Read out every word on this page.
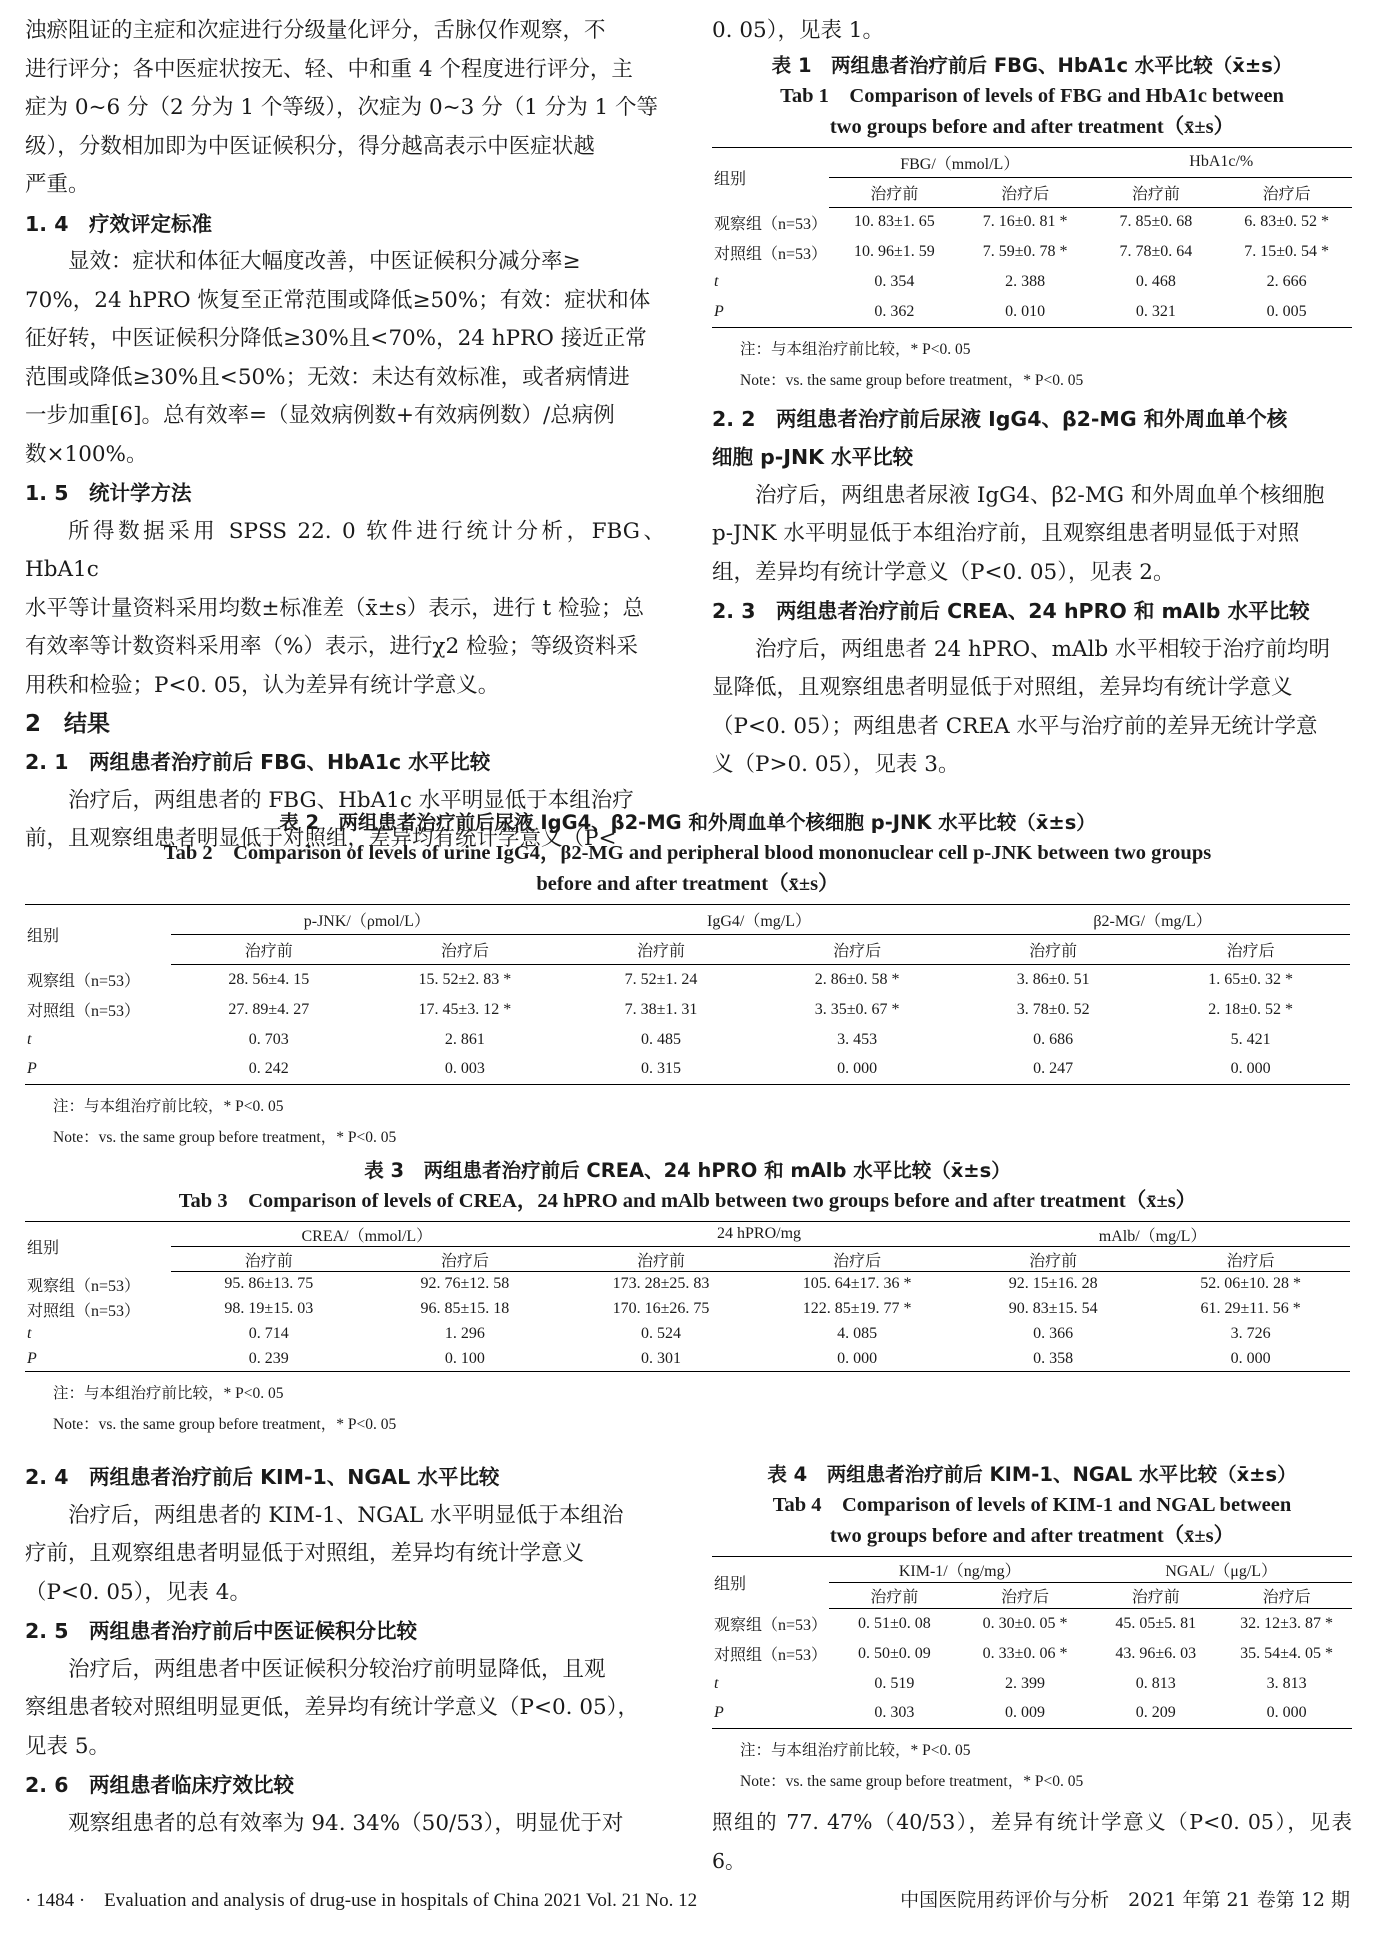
浊瘀阻证的主症和次症进行分级量化评分，舌脉仅作观察，不
进行评分；各中医症状按无、轻、中和重 4 个程度进行评分，主
症为 0~6 分（2 分为 1 个等级），次症为 0~3 分（1 分为 1 个等
级），分数相加即为中医证候积分，得分越高表示中医症状越
严重。
1. 4　疗效评定标准
显效：症状和体征大幅度改善，中医证候积分减分率≥
70%，24 hPRO 恢复至正常范围或降低≥50%；有效：症状和体
征好转，中医证候积分降低≥30%且<70%，24 hPRO 接近正常
范围或降低≥30%且<50%；无效：未达有效标准，或者病情进
一步加重[6]。总有效率=（显效病例数+有效病例数）/总病例
数×100%。
1. 5　统计学方法
所得数据采用 SPSS 22. 0 软件进行统计分析，FBG、HbA1c
水平等计量资料采用均数±标准差（x̄±s）表示，进行 t 检验；总
有效率等计数资料采用率（%）表示，进行χ2 检验；等级资料采
用秩和检验；P<0. 05，认为差异有统计学意义。
2　结果
2. 1　两组患者治疗前后 FBG、HbA1c 水平比较
治疗后，两组患者的 FBG、HbA1c 水平明显低于本组治疗
前，且观察组患者明显低于对照组，差异均有统计学意义（P<
0. 05），见表 1。
表 1　两组患者治疗前后 FBG、HbA1c 水平比较（x̄±s）
Tab 1　Comparison of levels of FBG and HbA1c between
two groups before and after treatment（x̄±s）
组别	FBG/（mmol/L）		HbA1c/%	
	治疗前	治疗后	治疗前	治疗后
观察组（n=53）	10. 83±1. 65	7. 16±0. 81 *	7. 85±0. 68	6. 83±0. 52 *
对照组（n=53）	10. 96±1. 59	7. 59±0. 78 *	7. 78±0. 64	7. 15±0. 54 *
t	0. 354	2. 388	0. 468	2. 666
P	0. 362	0. 010	0. 321	0. 005
注：与本组治疗前比较，* P<0. 05
Note：vs. the same group before treatment，* P<0. 05
2. 2　两组患者治疗前后尿液 IgG4、β2-MG 和外周血单个核
细胞 p-JNK 水平比较
治疗后，两组患者尿液 IgG4、β2-MG 和外周血单个核细胞
p-JNK 水平明显低于本组治疗前，且观察组患者明显低于对照
组，差异均有统计学意义（P<0. 05），见表 2。
2. 3　两组患者治疗前后 CREA、24 hPRO 和 mAlb 水平比较
治疗后，两组患者 24 hPRO、mAlb 水平相较于治疗前均明
显降低，且观察组患者明显低于对照组，差异均有统计学意义
（P<0. 05）；两组患者 CREA 水平与治疗前的差异无统计学意
义（P>0. 05），见表 3。
表 2　两组患者治疗前后尿液 IgG4、β2-MG 和外周血单个核细胞 p-JNK 水平比较（x̄±s）
Tab 2　Comparison of levels of urine IgG4，β2-MG and peripheral blood mononuclear cell p-JNK between two groups
before and after treatment（x̄±s）
组别	p-JNK/（ρmol/L）		IgG4/（mg/L）		β2-MG/（mg/L）	
	治疗前	治疗后	治疗前	治疗后	治疗前	治疗后
观察组（n=53）	28. 56±4. 15	15. 52±2. 83 *	7. 52±1. 24	2. 86±0. 58 *	3. 86±0. 51	1. 65±0. 32 *
对照组（n=53）	27. 89±4. 27	17. 45±3. 12 *	7. 38±1. 31	3. 35±0. 67 *	3. 78±0. 52	2. 18±0. 52 *
t	0. 703	2. 861	0. 485	3. 453	0. 686	5. 421
P	0. 242	0. 003	0. 315	0. 000	0. 247	0. 000
注：与本组治疗前比较，* P<0. 05
Note：vs. the same group before treatment，* P<0. 05
表 3　两组患者治疗前后 CREA、24 hPRO 和 mAlb 水平比较（x̄±s）
Tab 3　Comparison of levels of CREA，24 hPRO and mAlb between two groups before and after treatment（x̄±s）
组别	CREA/（mmol/L）		24 hPRO/mg		mAlb/（mg/L）	
	治疗前	治疗后	治疗前	治疗后	治疗前	治疗后
观察组（n=53）	95. 86±13. 75	92. 76±12. 58	173. 28±25. 83	105. 64±17. 36 *	92. 15±16. 28	52. 06±10. 28 *
对照组（n=53）	98. 19±15. 03	96. 85±15. 18	170. 16±26. 75	122. 85±19. 77 *	90. 83±15. 54	61. 29±11. 56 *
t	0. 714	1. 296	0. 524	4. 085	0. 366	3. 726
P	0. 239	0. 100	0. 301	0. 000	0. 358	0. 000
注：与本组治疗前比较，* P<0. 05
Note：vs. the same group before treatment，* P<0. 05
2. 4　两组患者治疗前后 KIM-1、NGAL 水平比较
治疗后，两组患者的 KIM-1、NGAL 水平明显低于本组治
疗前，且观察组患者明显低于对照组，差异均有统计学意义
（P<0. 05），见表 4。
2. 5　两组患者治疗前后中医证候积分比较
治疗后，两组患者中医证候积分较治疗前明显降低，且观
察组患者较对照组明显更低，差异均有统计学意义（P<0. 05），
见表 5。
2. 6　两组患者临床疗效比较
观察组患者的总有效率为 94. 34%（50/53），明显优于对
表 4　两组患者治疗前后 KIM-1、NGAL 水平比较（x̄±s）
Tab 4　Comparison of levels of KIM-1 and NGAL between
two groups before and after treatment（x̄±s）
组别	KIM-1/（ng/mg）		NGAL/（μg/L）	
	治疗前	治疗后	治疗前	治疗后
观察组（n=53）	0. 51±0. 08	0. 30±0. 05 *	45. 05±5. 81	32. 12±3. 87 *
对照组（n=53）	0. 50±0. 09	0. 33±0. 06 *	43. 96±6. 03	35. 54±4. 05 *
t	0. 519	2. 399	0. 813	3. 813
P	0. 303	0. 009	0. 209	0. 000
注：与本组治疗前比较，* P<0. 05
Note：vs. the same group before treatment，* P<0. 05
照组的 77. 47%（40/53），差异有统计学意义（P<0. 05），见表 6。
· 1484 ·　Evaluation and analysis of drug-use in hospitals of China 2021 Vol. 21 No. 12	中国医院用药评价与分析　2021 年第 21 卷第 12 期
